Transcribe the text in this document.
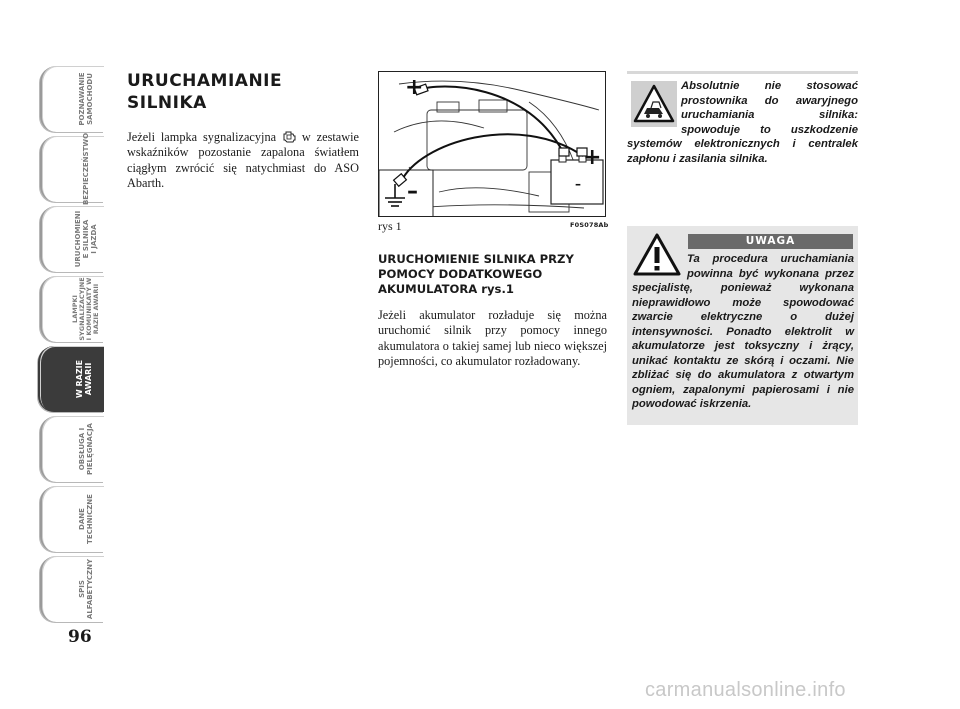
POZNAWANIE
SAMOCHODU
BEZPIECZEŃSTWO
URUCHOMIENI
E SILNIKA
I JAZDA
LAMPKI
SYGNALIZACYJNE
I KOMUNIKATY W
RAZIE AWARII
W RAZIE
AWARII
OBSŁUGA I
PIELĘGNACJA
DANE
TECHNICZNE
SPIS
ALFABETYCZNY
96
URUCHAMIANIE SILNIKA
Jeżeli lampka sygnalizacyjna  w zestawie wskaźników pozostanie zapalona światłem ciągłym zwrócić się natychmiast do ASO Abarth.
+
+
–	–
rys 1	F0S078Ab
URUCHOMIENIE SILNIKA PRZY POMOCY DODATKOWEGO AKUMULATORA rys.1
Jeżeli akumulator rozładuje się można uruchomić silnik przy pomocy innego akumulatora o takiej samej lub nieco większej pojemności, co akumulator rozładowany.
Absolutnie nie stosować prostownika do awaryjnego uruchamiania silnika: spowoduje to uszkodzenie systemów elektronicznych i centralek zapłonu i zasilania silnika.
UWAGA
Ta procedura uruchamiania powinna być wykonana przez specjalistę, ponieważ wykonana nieprawidłowo może spowodować zwarcie elektryczne o dużej intensywności. Ponadto elektrolit w akumulatorze jest toksyczny i żrący, unikać kontaktu ze skórą i oczami. Nie zbliżać się do akumulatora z otwartym ogniem, zapalonymi papierosami i nie powodować iskrzenia.
carmanualsonline.info
